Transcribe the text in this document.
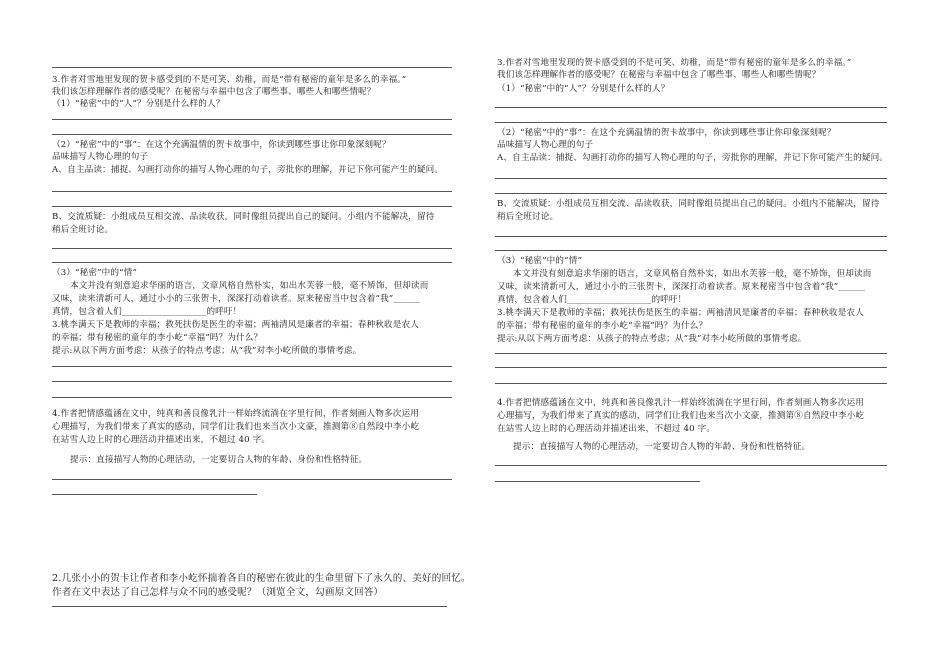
3.作者对雪地里发现的贺卡感受到的不是可笑、幼稚，而是“带有秘密的童年是多么的幸福。”
我们该怎样理解作者的感受呢？在秘密与幸福中包含了哪些事、哪些人和哪些情呢？
（1）“秘密”中的“人”？分别是什么样的人？
（2）“秘密”中的“事”：在这个充满温情的贺卡故事中，你读到哪些事让你印象深刻呢？
品味描写人物心理的句子
A、自主品读：捕捉、勾画打动你的描写人物心理的句子，旁批你的理解，并记下你可能产生的疑问。
B、交流质疑：小组成员互相交流、品读收获，同时像组员提出自己的疑问。小组内不能解决，留待
稍后全班讨论。
（3）“秘密”中的“情”
本文并没有刻意追求华丽的语言，文章风格自然朴实，如出水芙蓉一般，毫不矫饰，但却读而
又味，读来清新可人，通过小小的三张贺卡，深深打动着读者。原来秘密当中包含着“我”______
真情，包含着人们___________________的呼吁！
3.桃李满天下是教师的幸福；救死扶伤是医生的幸福；两袖清风是廉者的幸福；春种秋收是农人
的幸福；带有秘密的童年的李小屹“幸福”吗？为什么？
提示:从以下两方面考虑：从孩子的特点考虑；从“我”对李小屹所做的事情考虑。
4.作者把情感蕴涵在文中，纯真和善良像乳汁一样始终流淌在字里行间，作者刻画人物多次运用
心理描写，为我们带来了真实的感动，同学们让我们也来当次小文豪，推测第⑧自然段中李小屹
在站雪人边上时的心理活动并描述出来，不超过 40 字。
提示：直接描写人物的心理活动，一定要切合人物的年龄、身份和性格特征。
2.几张小小的贺卡让作者和李小屹怀揣着各自的秘密在彼此的生命里留下了永久的、美好的回忆。
作者在文中表达了自己怎样与众不同的感受呢？（浏览全文，勾画原文回答）
3.作者对雪地里发现的贺卡感受到的不是可笑、幼稚，而是“带有秘密的童年是多么的幸福。”
我们该怎样理解作者的感受呢？在秘密与幸福中包含了哪些事、哪些人和哪些情呢？
（1）“秘密”中的“人”？分别是什么样的人？
（2）“秘密”中的“事”：在这个充满温情的贺卡故事中，你读到哪些事让你印象深刻呢？
品味描写人物心理的句子
A、自主品读：捕捉、勾画打动你的描写人物心理的句子，旁批你的理解，并记下你可能产生的疑问。
B、交流质疑：小组成员互相交流、品读收获，同时像组员提出自己的疑问。小组内不能解决，留待
稍后全班讨论。
（3）“秘密”中的“情”
本文并没有刻意追求华丽的语言，文章风格自然朴实，如出水芙蓉一般，毫不矫饰，但却读而
又味，读来清新可人，通过小小的三张贺卡，深深打动着读者。原来秘密当中包含着“我”______
真情，包含着人们___________________的呼吁！
3.桃李满天下是教师的幸福；救死扶伤是医生的幸福；两袖清风是廉者的幸福；春种秋收是农人
的幸福；带有秘密的童年的李小屹“幸福”吗？为什么？
提示:从以下两方面考虑：从孩子的特点考虑；从“我”对李小屹所做的事情考虑。
4.作者把情感蕴涵在文中，纯真和善良像乳汁一样始终流淌在字里行间，作者刻画人物多次运用
心理描写，为我们带来了真实的感动，同学们让我们也来当次小文豪，推测第⑧自然段中李小屹
在站雪人边上时的心理活动并描述出来，不超过 40 字。
提示：直接描写人物的心理活动，一定要切合人物的年龄、身份和性格特征。
